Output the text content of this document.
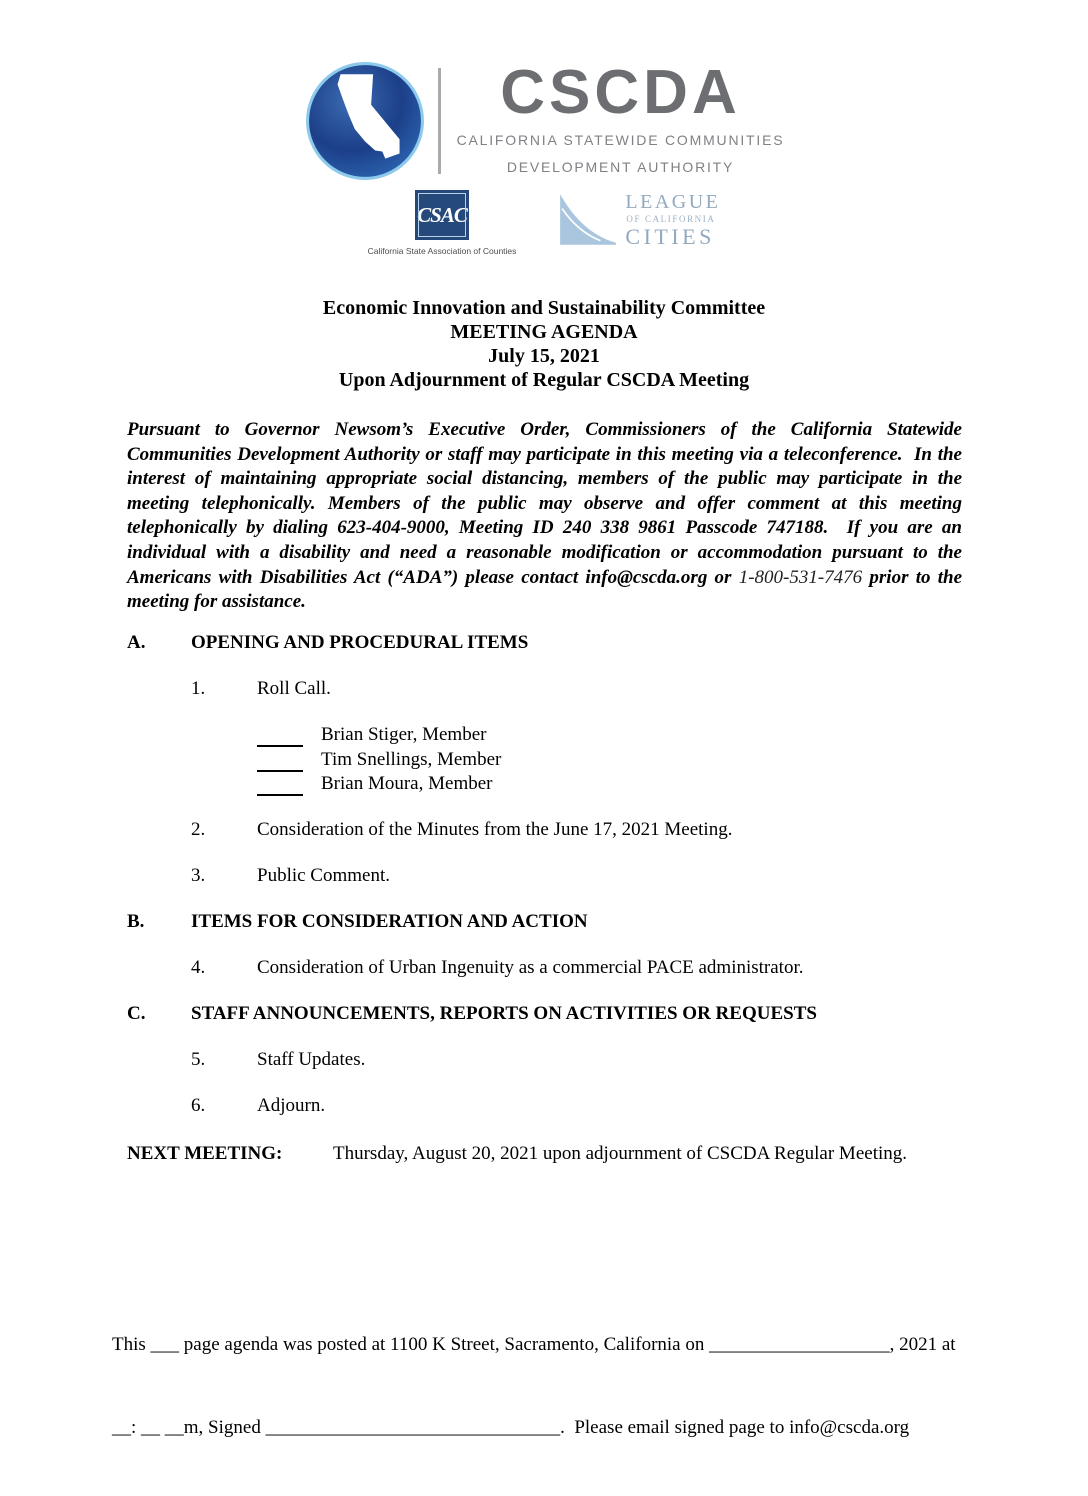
CSCDA
CALIFORNIA STATEWIDE COMMUNITIES
DEVELOPMENT AUTHORITY
CSAC
California State Association of Counties
LEAGUE
OF CALIFORNIA
CITIES
Economic Innovation and Sustainability Committee
MEETING AGENDA
July 15, 2021
Upon Adjournment of Regular CSCDA Meeting

Pursuant to Governor Newsom’s Executive Order, Commissioners of the California Statewide Communities Development Authority or staff may participate in this meeting via a teleconference.  In the interest of maintaining appropriate social distancing, members of the public may participate in the meeting telephonically. Members of the public may observe and offer comment at this meeting telephonically by dialing 623-404-9000, Meeting ID 240 338 9861 Passcode 747188.  If you are an individual with a disability and need a reasonable modification or accommodation pursuant to the Americans with Disabilities Act (“ADA”) please contact info@cscda.org or 1-800-531-7476 prior to the meeting for assistance.

A.	OPENING AND PROCEDURAL ITEMS
1.	Roll Call.
Brian Stiger, Member
Tim Snellings, Member
Brian Moura, Member
2.	Consideration of the Minutes from the June 17, 2021 Meeting.
3.	Public Comment.
B.	ITEMS FOR CONSIDERATION AND ACTION
4.	Consideration of Urban Ingenuity as a commercial PACE administrator.
C.	STAFF ANNOUNCEMENTS, REPORTS ON ACTIVITIES OR REQUESTS
5.	Staff Updates.
6.	Adjourn.
NEXT MEETING:	Thursday, August 20, 2021 upon adjournment of CSCDA Regular Meeting.

This ___ page agenda was posted at 1100 K Street, Sacramento, California on ___________________, 2021 at

__: __ __m, Signed _______________________________.  Please email signed page to info@cscda.org
